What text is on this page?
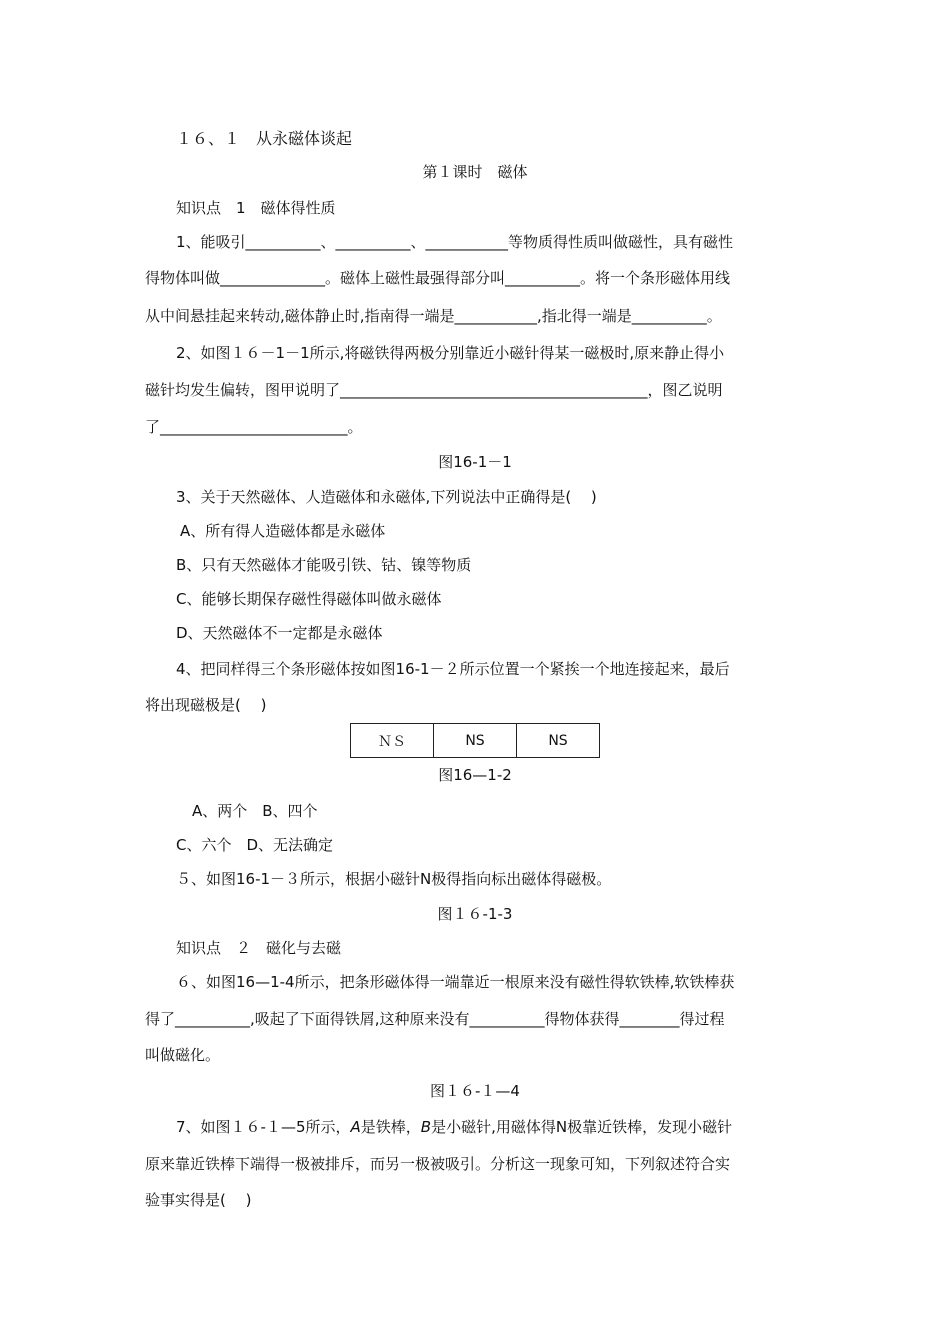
１６、１　从永磁体谈起
第１课时　磁体
知识点　1　磁体得性质
1、能吸引__________、__________、___________等物质得性质叫做磁性，具有磁性
得物体叫做______________。磁体上磁性最强得部分叫__________。将一个条形磁体用线
从中间悬挂起来转动,磁体静止时,指南得一端是___________,指北得一端是__________。
2、如图１６－1－1所示,将磁铁得两极分别靠近小磁针得某一磁极时,原来静止得小
磁针均发生偏转，图甲说明了_________________________________________，图乙说明
了_________________________。
图16-1－1
3、关于天然磁体、人造磁体和永磁体,下列说法中正确得是(　 )
A、所有得人造磁体都是永磁体
B、只有天然磁体才能吸引铁、钴、镍等物质
C、能够长期保存磁性得磁体叫做永磁体
D、天然磁体不一定都是永磁体
4、把同样得三个条形磁体按如图16-1－２所示位置一个紧挨一个地连接起来，最后
将出现磁极是(　 )
ＮＳ	NS	NS
图16—1-2
A、两个　B、四个
C、六个　D、无法确定
５、如图16-1－３所示，根据小磁针N极得指向标出磁体得磁极。
图１６-1-3
知识点　２　磁化与去磁
６、如图16—1-4所示，把条形磁体得一端靠近一根原来没有磁性得软铁棒,软铁棒获
得了__________,吸起了下面得铁屑,这种原来没有__________得物体获得________得过程
叫做磁化。
图１６-１—4
7、如图１６-１—5所示，A是铁棒，B是小磁针,用磁体得N极靠近铁棒，发现小磁针
原来靠近铁棒下端得一极被排斥，而另一极被吸引。分析这一现象可知，下列叙述符合实
验事实得是(　 )
